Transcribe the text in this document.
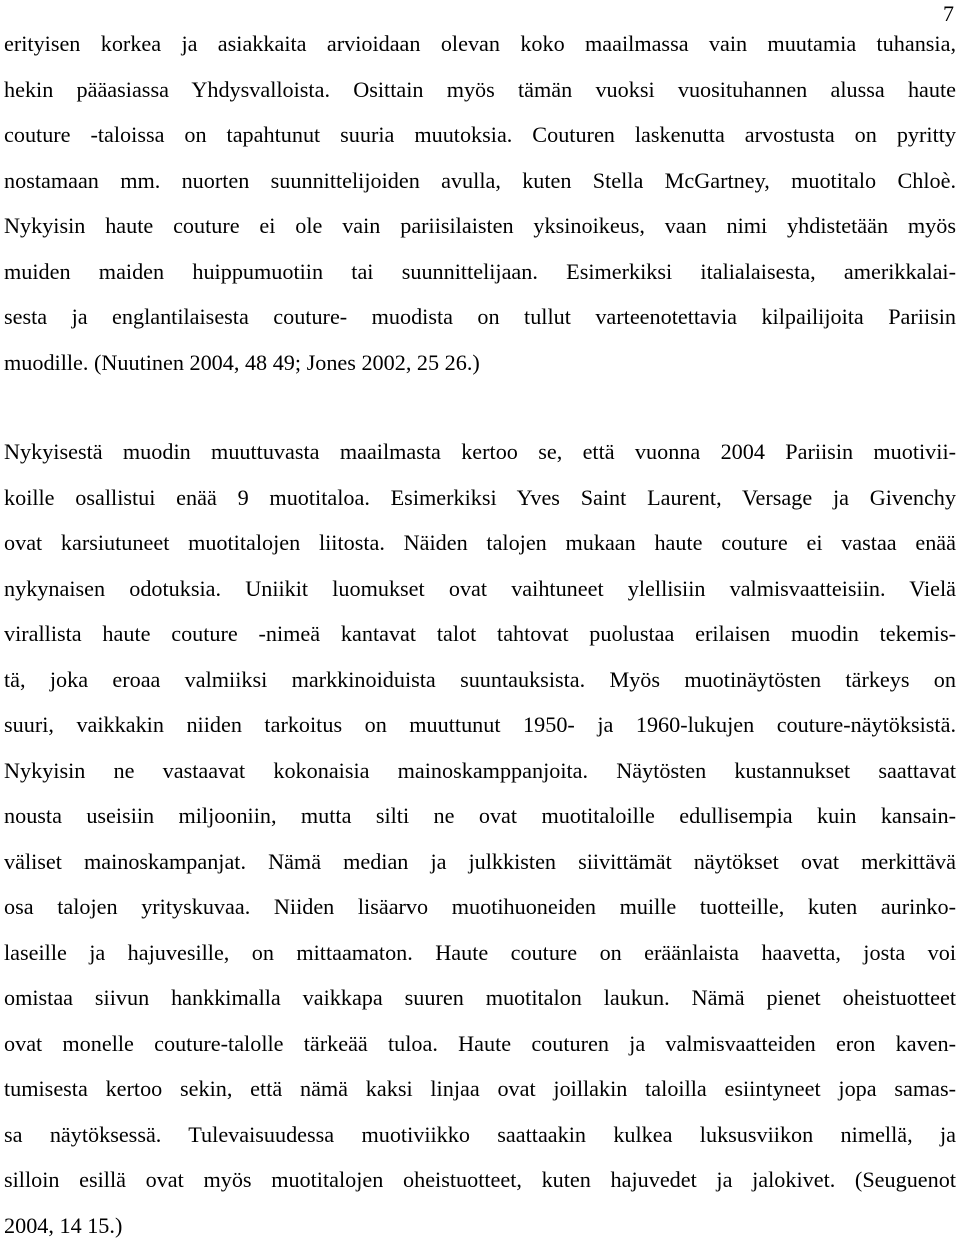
7
erityisen korkea ja asiakkaita arvioidaan olevan koko maailmassa vain muutamia tuhansia,
hekin pääasiassa Yhdysvalloista. Osittain myös tämän vuoksi vuosituhannen alussa haute
couture -taloissa on tapahtunut suuria muutoksia. Couturen laskenutta arvostusta on pyritty
nostamaan mm. nuorten suunnittelijoiden avulla, kuten Stella McGartney, muotitalo Chloè.
Nykyisin haute couture ei ole vain pariisilaisten yksinoikeus, vaan nimi yhdistetään myös
muiden maiden huippumuotiin tai suunnittelijaan. Esimerkiksi italialaisesta, amerikkalai-
sesta ja englantilaisesta couture- muodista on tullut varteenotettavia kilpailijoita Pariisin
muodille. (Nuutinen 2004, 48 49; Jones 2002, 25 26.)
Nykyisestä muodin muuttuvasta maailmasta kertoo se, että vuonna 2004 Pariisin muotivii-
koille osallistui enää 9 muotitaloa. Esimerkiksi Yves Saint Laurent, Versage ja Givenchy
ovat karsiutuneet muotitalojen liitosta. Näiden talojen mukaan haute couture ei vastaa enää
nykynaisen odotuksia. Uniikit luomukset ovat vaihtuneet ylellisiin valmisvaatteisiin. Vielä
virallista haute couture -nimeä kantavat talot tahtovat puolustaa erilaisen muodin tekemis-
tä, joka eroaa valmiiksi markkinoiduista suuntauksista. Myös muotinäytösten tärkeys on
suuri, vaikkakin niiden tarkoitus on muuttunut 1950- ja 1960-lukujen couture-näytöksistä.
Nykyisin ne vastaavat kokonaisia mainoskamppanjoita. Näytösten kustannukset saattavat
nousta useisiin miljooniin, mutta silti ne ovat muotitaloille edullisempia kuin kansain-
väliset mainoskampanjat. Nämä median ja julkkisten siivittämät näytökset ovat merkittävä
osa talojen yrityskuvaa. Niiden lisäarvo muotihuoneiden muille tuotteille, kuten aurinko-
laseille ja hajuvesille, on mittaamaton. Haute couture on eräänlaista haavetta, josta voi
omistaa siivun hankkimalla vaikkapa suuren muotitalon laukun. Nämä pienet oheistuotteet
ovat monelle couture-talolle tärkeää tuloa. Haute couturen ja valmisvaatteiden eron kaven-
tumisesta kertoo sekin, että nämä kaksi linjaa ovat joillakin taloilla esiintyneet jopa samas-
sa näytöksessä. Tulevaisuudessa muotiviikko saattaakin kulkea luksusviikon nimellä, ja
silloin esillä ovat myös muotitalojen oheistuotteet, kuten hajuvedet ja jalokivet. (Seuguenot
2004, 14 15.)
